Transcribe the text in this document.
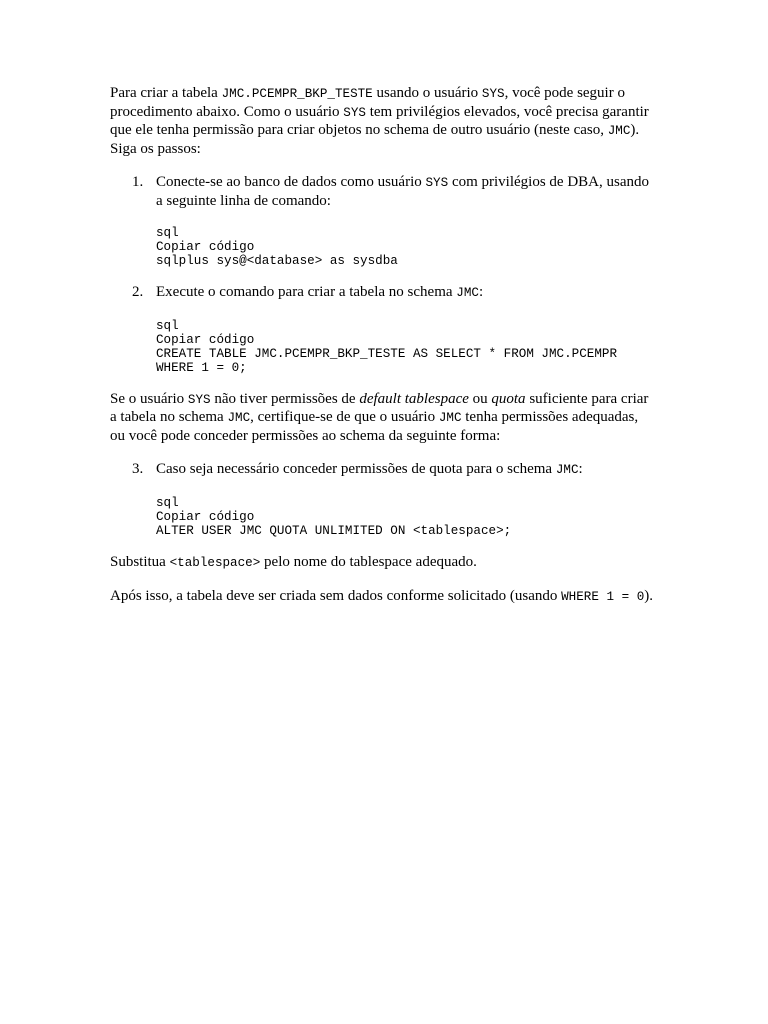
Para criar a tabela JMC.PCEMPR_BKP_TESTE usando o usuário SYS, você pode seguir o procedimento abaixo. Como o usuário SYS tem privilégios elevados, você precisa garantir que ele tenha permissão para criar objetos no schema de outro usuário (neste caso, JMC). Siga os passos:

1. Conecte-se ao banco de dados como usuário SYS com privilégios de DBA, usando a seguinte linha de comando:
sql
Copiar código
sqlplus sys@<database> as sysdba
2. Execute o comando para criar a tabela no schema JMC:
sql
Copiar código
CREATE TABLE JMC.PCEMPR_BKP_TESTE AS SELECT * FROM JMC.PCEMPR
WHERE 1 = 0;

Se o usuário SYS não tiver permissões de default tablespace ou quota suficiente para criar a tabela no schema JMC, certifique-se de que o usuário JMC tenha permissões adequadas, ou você pode conceder permissões ao schema da seguinte forma:

3. Caso seja necessário conceder permissões de quota para o schema JMC:
sql
Copiar código
ALTER USER JMC QUOTA UNLIMITED ON <tablespace>;

Substitua <tablespace> pelo nome do tablespace adequado.

Após isso, a tabela deve ser criada sem dados conforme solicitado (usando WHERE 1 = 0).
